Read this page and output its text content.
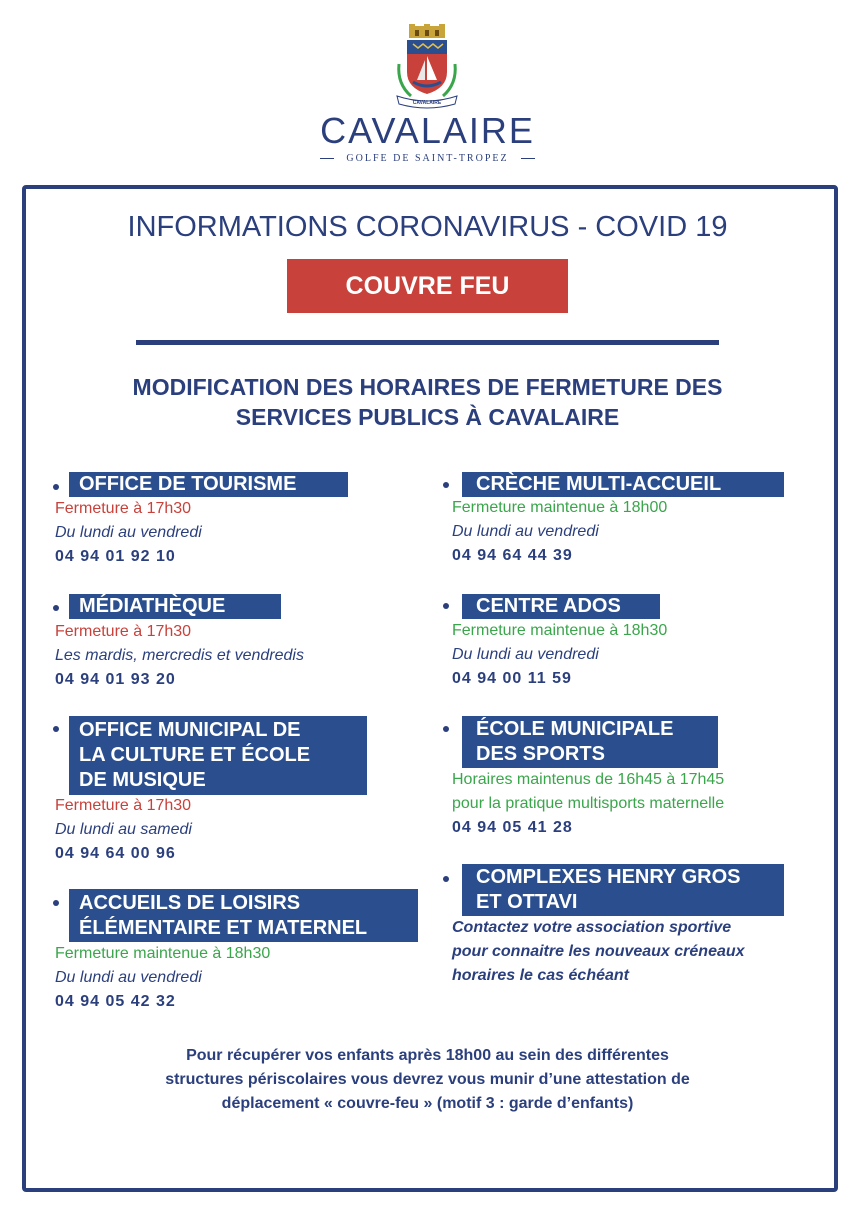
CAVALAIRE
CAVALAIRE
GOLFE DE SAINT-TROPEZ
INFORMATIONS CORONAVIRUS - COVID 19
COUVRE FEU
MODIFICATION DES HORAIRES DE FERMETURE DES
SERVICES PUBLICS À CAVALAIRE
OFFICE DE TOURISME
Fermeture à 17h30
Du lundi au vendredi
04 94 01 92 10
MÉDIATHÈQUE
Fermeture à 17h30
Les mardis, mercredis et vendredis
04 94 01 93 20
OFFICE MUNICIPAL DE
LA CULTURE ET ÉCOLE
DE MUSIQUE
Fermeture à 17h30
Du lundi au samedi
04 94 64 00 96
ACCUEILS DE LOISIRS
ÉLÉMENTAIRE ET MATERNEL
Fermeture maintenue à 18h30
Du lundi au vendredi
04 94 05 42 32
CRÈCHE MULTI-ACCUEIL
Fermeture maintenue à 18h00
Du lundi au vendredi
04 94 64 44 39
CENTRE ADOS
Fermeture maintenue à 18h30
Du lundi au vendredi
04 94 00 11 59
ÉCOLE MUNICIPALE
DES SPORTS
Horaires maintenus de 16h45 à 17h45
pour la pratique multisports maternelle
04 94 05 41 28
COMPLEXES HENRY GROS
ET OTTAVI
Contactez votre association sportive
pour connaitre les nouveaux créneaux
horaires le cas échéant
Pour récupérer vos enfants après 18h00 au sein des différentes
structures périscolaires vous devrez vous munir d’une attestation de
déplacement « couvre-feu » (motif 3 : garde d’enfants)
